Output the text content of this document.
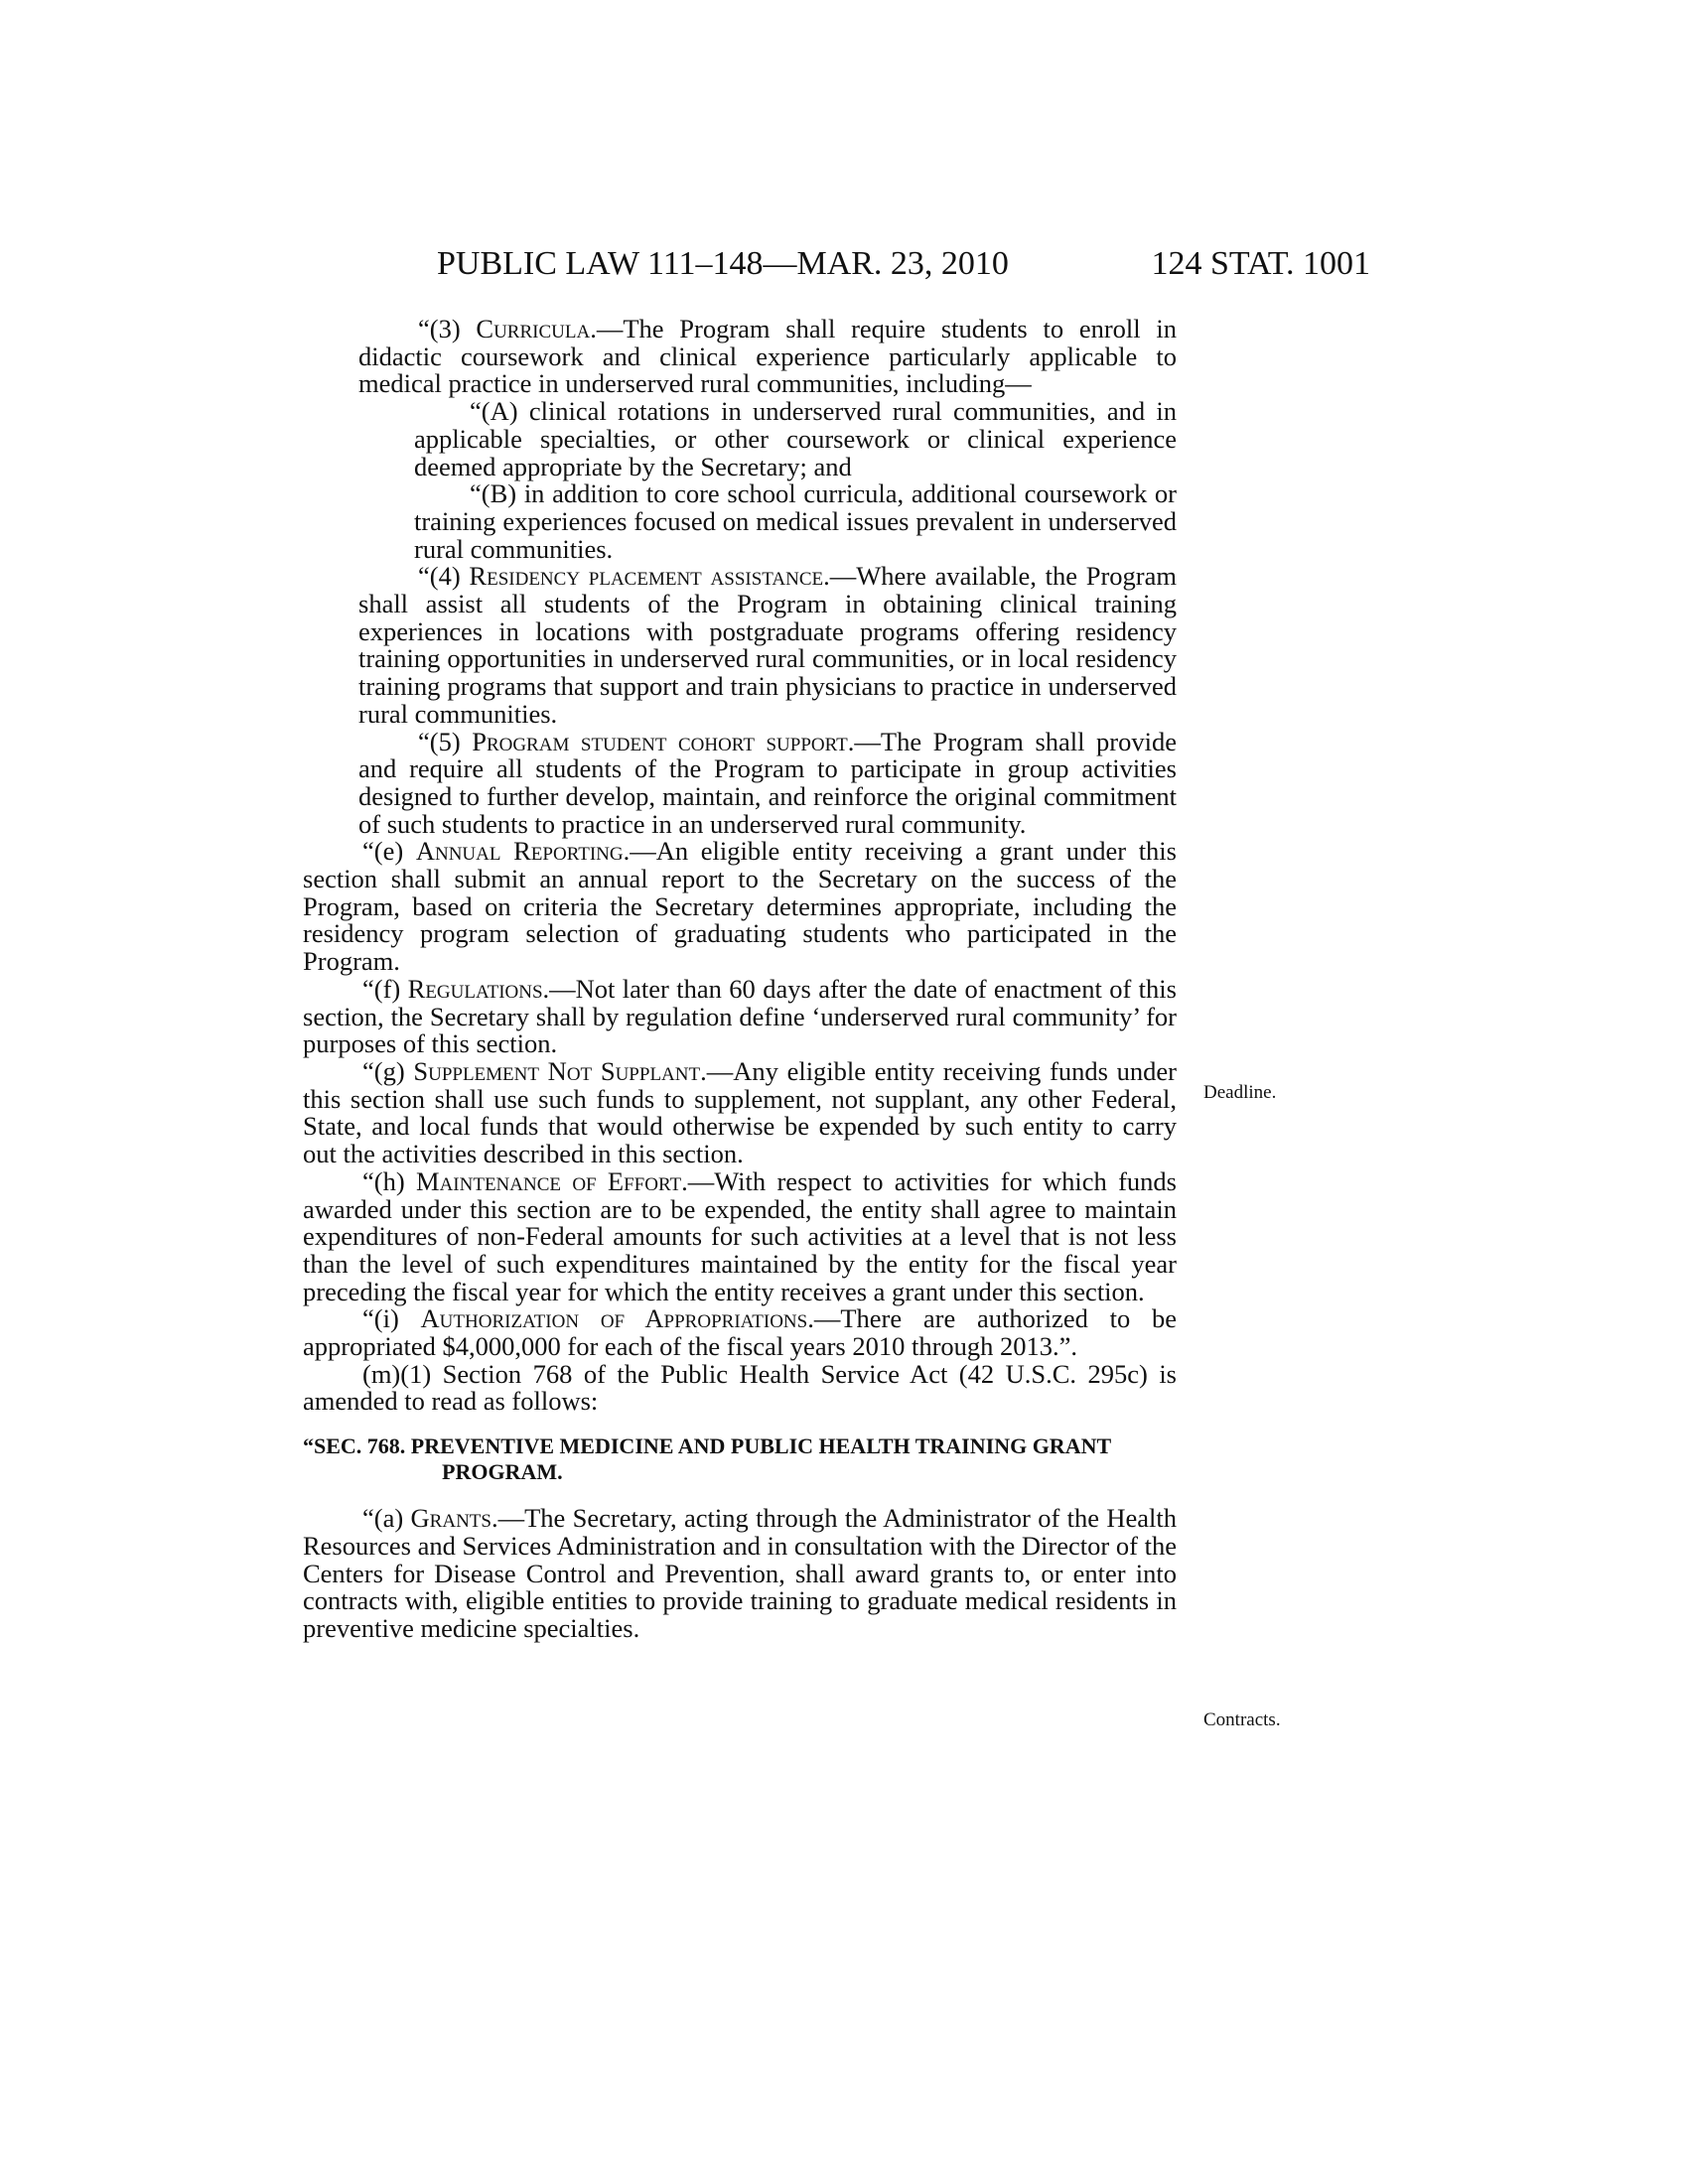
PUBLIC LAW 111–148—MAR. 23, 2010	124 STAT. 1001

“(3) Curricula.—The Program shall require students to enroll in didactic coursework and clinical experience particularly applicable to medical practice in underserved rural communities, including—

“(A) clinical rotations in underserved rural communities, and in applicable specialties, or other coursework or clinical experience deemed appropriate by the Secretary; and

“(B) in addition to core school curricula, additional coursework or training experiences focused on medical issues prevalent in underserved rural communities.

“(4) Residency placement assistance.—Where available, the Program shall assist all students of the Program in obtaining clinical training experiences in locations with postgraduate programs offering residency training opportunities in underserved rural communities, or in local residency training programs that support and train physicians to practice in underserved rural communities.

“(5) Program student cohort support.—The Program shall provide and require all students of the Program to participate in group activities designed to further develop, maintain, and reinforce the original commitment of such students to practice in an underserved rural community.

“(e) Annual Reporting.—An eligible entity receiving a grant under this section shall submit an annual report to the Secretary on the success of the Program, based on criteria the Secretary determines appropriate, including the residency program selection of graduating students who participated in the Program.

“(f) Regulations.—Not later than 60 days after the date of enactment of this section, the Secretary shall by regulation define ‘underserved rural community’ for purposes of this section.

“(g) Supplement Not Supplant.—Any eligible entity receiving funds under this section shall use such funds to supplement, not supplant, any other Federal, State, and local funds that would otherwise be expended by such entity to carry out the activities described in this section.

“(h) Maintenance of Effort.—With respect to activities for which funds awarded under this section are to be expended, the entity shall agree to maintain expenditures of non-Federal amounts for such activities at a level that is not less than the level of such expenditures maintained by the entity for the fiscal year preceding the fiscal year for which the entity receives a grant under this section.

“(i) Authorization of Appropriations.—There are authorized to be appropriated $4,000,000 for each of the fiscal years 2010 through 2013.”.

(m)(1) Section 768 of the Public Health Service Act (42 U.S.C. 295c) is amended to read as follows:

“SEC. 768. PREVENTIVE MEDICINE AND PUBLIC HEALTH TRAINING GRANT PROGRAM.

“(a) Grants.—The Secretary, acting through the Administrator of the Health Resources and Services Administration and in consultation with the Director of the Centers for Disease Control and Prevention, shall award grants to, or enter into contracts with, eligible entities to provide training to graduate medical residents in preventive medicine specialties.

Deadline.
Contracts.
